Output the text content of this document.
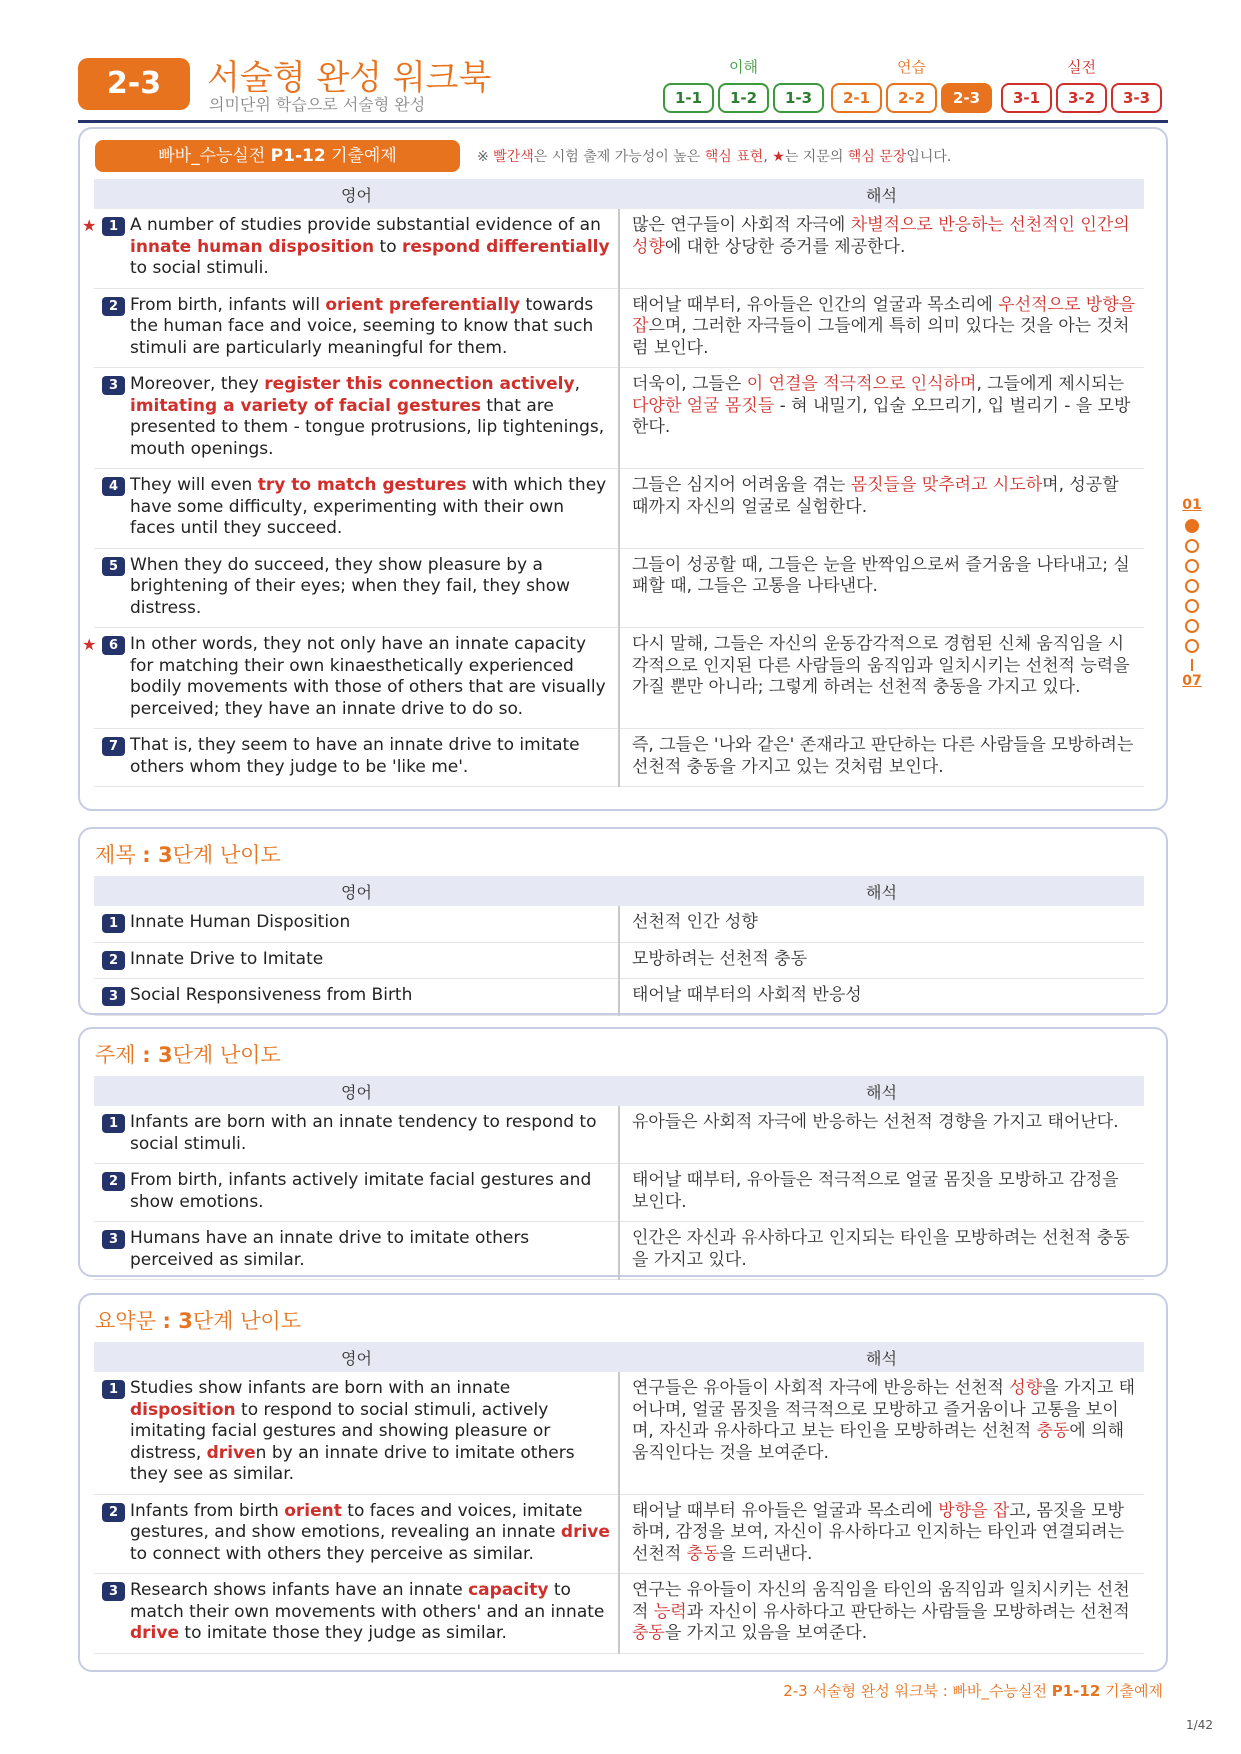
2-3	서술형 완성 워크북
의미단위 학습으로 서술형 완성
이해
1-1	1-2	1-3
연습
2-1	2-2	2-3
실전
3-1	3-2	3-3
빠바_수능실전 P1-12 기출예제	※ 빨간색은 시험 출제 가능성이 높은 핵심 표현, ★는 지문의 핵심 문장입니다.
영어	해석

★ 1 A number of studies provide substantial evidence of an innate human disposition to respond differentially to social stimuli.	많은 연구들이 사회적 자극에 차별적으로 반응하는 선천적인 인간의 성향에 대한 상당한 증거를 제공한다.

2 From birth, infants will orient preferentially towards the human face and voice, seeming to know that such stimuli are particularly meaningful for them.	태어날 때부터, 유아들은 인간의 얼굴과 목소리에 우선적으로 방향을 잡으며, 그러한 자극들이 그들에게 특히 의미 있다는 것을 아는 것처럼 보인다.

3 Moreover, they register this connection actively, imitating a variety of facial gestures that are presented to them - tongue protrusions, lip tightenings, mouth openings.	더욱이, 그들은 이 연결을 적극적으로 인식하며, 그들에게 제시되는 다양한 얼굴 몸짓들 - 혀 내밀기, 입술 오므리기, 입 벌리기 - 을 모방한다.

4 They will even try to match gestures with which they have some difficulty, experimenting with their own faces until they succeed.	그들은 심지어 어려움을 겪는 몸짓들을 맞추려고 시도하며, 성공할 때까지 자신의 얼굴로 실험한다.

5 When they do succeed, they show pleasure by a brightening of their eyes; when they fail, they show distress.	그들이 성공할 때, 그들은 눈을 반짝임으로써 즐거움을 나타내고; 실패할 때, 그들은 고통을 나타낸다.

★ 6 In other words, they not only have an innate capacity for matching their own kinaesthetically experienced bodily movements with those of others that are visually perceived; they have an innate drive to do so.	다시 말해, 그들은 자신의 운동감각적으로 경험된 신체 움직임을 시각적으로 인지된 다른 사람들의 움직임과 일치시키는 선천적 능력을 가질 뿐만 아니라; 그렇게 하려는 선천적 충동을 가지고 있다.

7 That is, they seem to have an innate drive to imitate others whom they judge to be 'like me'.	즉, 그들은 '나와 같은' 존재라고 판단하는 다른 사람들을 모방하려는 선천적 충동을 가지고 있는 것처럼 보인다.
제목 : 3단계 난이도
영어	해석

1 Innate Human Disposition	선천적 인간 성향

2 Innate Drive to Imitate	모방하려는 선천적 충동

3 Social Responsiveness from Birth	태어날 때부터의 사회적 반응성
주제 : 3단계 난이도
영어	해석

1 Infants are born with an innate tendency to respond to social stimuli.	유아들은 사회적 자극에 반응하는 선천적 경향을 가지고 태어난다.

2 From birth, infants actively imitate facial gestures and show emotions.	태어날 때부터, 유아들은 적극적으로 얼굴 몸짓을 모방하고 감정을 보인다.

3 Humans have an innate drive to imitate others perceived as similar.	인간은 자신과 유사하다고 인지되는 타인을 모방하려는 선천적 충동을 가지고 있다.
요약문 : 3단계 난이도
영어	해석

1 Studies show infants are born with an innate disposition to respond to social stimuli, actively imitating facial gestures and showing pleasure or distress, driven by an innate drive to imitate others they see as similar.	연구들은 유아들이 사회적 자극에 반응하는 선천적 성향을 가지고 태어나며, 얼굴 몸짓을 적극적으로 모방하고 즐거움이나 고통을 보이며, 자신과 유사하다고 보는 타인을 모방하려는 선천적 충동에 의해 움직인다는 것을 보여준다.

2 Infants from birth orient to faces and voices, imitate gestures, and show emotions, revealing an innate drive to connect with others they perceive as similar.	태어날 때부터 유아들은 얼굴과 목소리에 방향을 잡고, 몸짓을 모방하며, 감정을 보여, 자신이 유사하다고 인지하는 타인과 연결되려는 선천적 충동을 드러낸다.

3 Research shows infants have an innate capacity to match their own movements with others' and an innate drive to imitate those they judge as similar.	연구는 유아들이 자신의 움직임을 타인의 움직임과 일치시키는 선천적 능력과 자신이 유사하다고 판단하는 사람들을 모방하려는 선천적 충동을 가지고 있음을 보여준다.
01
07
2-3 서술형 완성 워크북 : 빠바_수능실전 P1-12 기출예제
1/42
